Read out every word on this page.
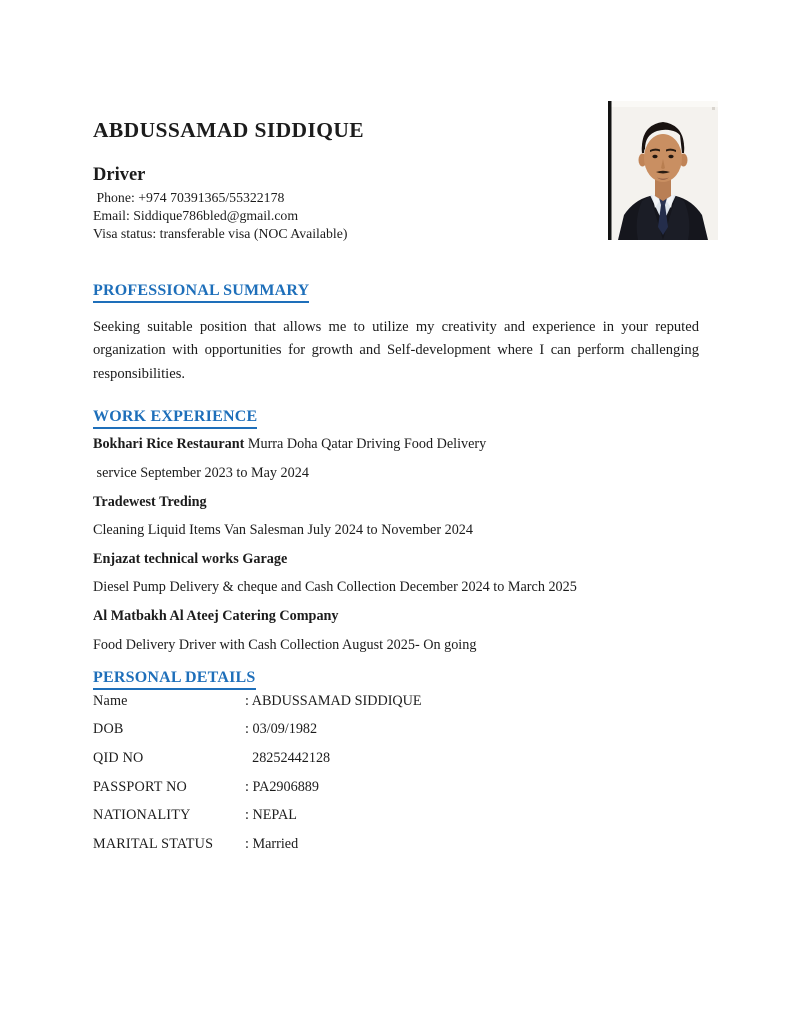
ABDUSSAMAD SIDDIQUE
Driver

Phone: +974 70391365/55322178

Email: Siddique786bled@gmail.com

Visa status: transferable visa (NOC Available)

PROFESSIONAL SUMMARY

Seeking suitable position that allows me to utilize my creativity and experience in your reputed organization with opportunities for growth and Self-development where I can perform challenging responsibilities.

WORK EXPERIENCE

Bokhari Rice Restaurant Murra Doha Qatar Driving Food Delivery

service September 2023 to May 2024

Tradewest Treding

Cleaning Liquid Items Van Salesman July 2024 to November 2024

Enjazat technical works Garage

Diesel Pump Delivery & cheque and Cash Collection December 2024 to March 2025

Al Matbakh Al Ateej Catering Company

Food Delivery Driver with Cash Collection August 2025- On going

PERSONAL DETAILS
Name	: ABDUSSAMAD SIDDIQUE
DOB	: 03/09/1982
QID NO	28252442128
PASSPORT NO	: PA2906889
NATIONALITY	: NEPAL
MARITAL STATUS	: Married
